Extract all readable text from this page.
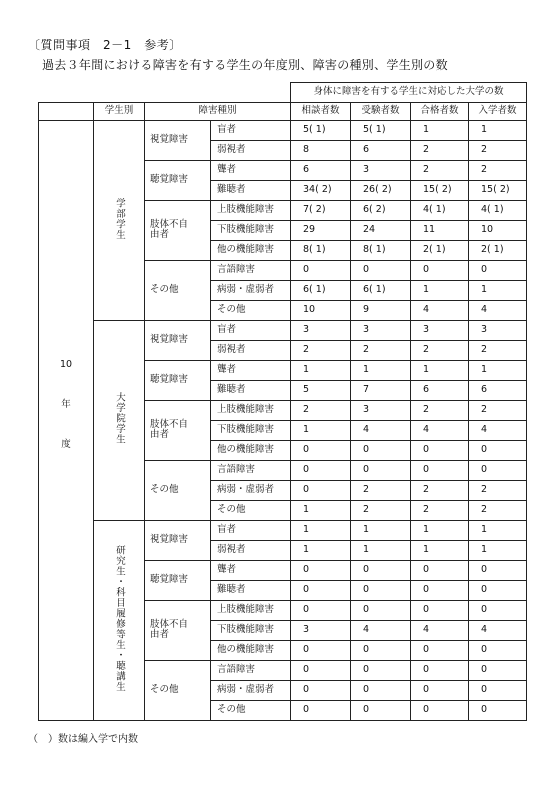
〔質問事項　2－1　参考〕
過去３年間における障害を有する学生の年度別、障害の種別、学生別の数
				身体に障害を有する学生に対応した大学の数			
	学生別	障害種別		相談者数	受験者数	合格者数	入学者数

10
年
度	学部学生	視覚障害	盲者	5( 1)	5( 1)	1	1
			弱視者	8	6	2	2
		聴覚障害	聾者	6	3	2	2
			難聴者	34( 2)	26( 2)	15( 2)	15( 2)
		肢体不自由者	上肢機能障害	7( 2)	6( 2)	4( 1)	4( 1)
			下肢機能障害	29	24	11	10
			他の機能障害	8( 1)	8( 1)	2( 1)	2( 1)
		その他	言語障害	0	0	0	0
			病弱・虚弱者	6( 1)	6( 1)	1	1
			その他	10	9	4	4
	大学院学生	視覚障害	盲者	3	3	3	3
			弱視者	2	2	2	2
		聴覚障害	聾者	1	1	1	1
			難聴者	5	7	6	6
		肢体不自由者	上肢機能障害	2	3	2	2
			下肢機能障害	1	4	4	4
			他の機能障害	0	0	0	0
		その他	言語障害	0	0	0	0
			病弱・虚弱者	0	2	2	2
			その他	1	2	2	2
	研究生・科目履修等生・聴講生	視覚障害	盲者	1	1	1	1
			弱視者	1	1	1	1
		聴覚障害	聾者	0	0	0	0
			難聴者	0	0	0	0
		肢体不自由者	上肢機能障害	0	0	0	0
			下肢機能障害	3	4	4	4
			他の機能障害	0	0	0	0
		その他	言語障害	0	0	0	0
			病弱・虚弱者	0	0	0	0
			その他	0	0	0	0
（　）数は編入学で内数
